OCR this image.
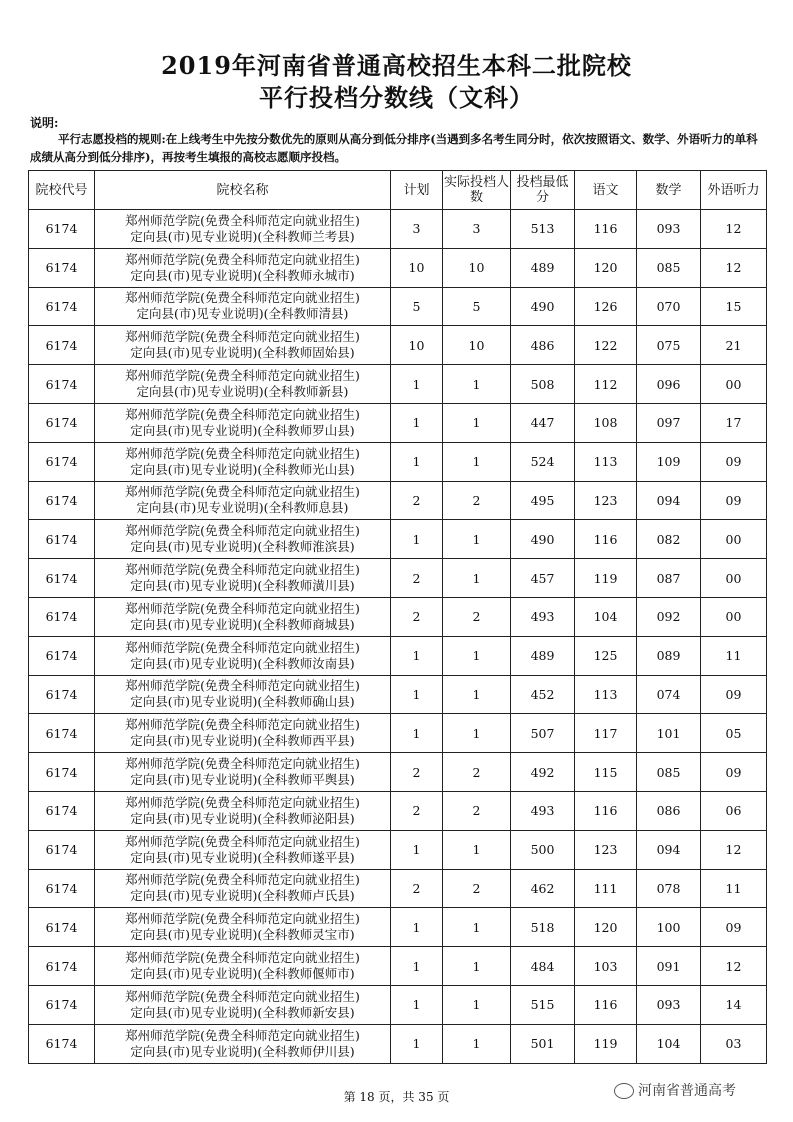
2019年河南省普通高校招生本科二批院校
平行投档分数线（文科）
说明:
平行志愿投档的规则:在上线考生中先按分数优先的原则从高分到低分排序(当遇到多名考生同分时，依次按照语文、数学、外语听力的单科成绩从高分到低分排序)，再按考生填报的高校志愿顺序投档。
院校代号	院校名称	计划	实际投档人数	投档最低分	语文	数学	外语听力
6174	郑州师范学院(免费全科师范定向就业招生)
定向县(市)见专业说明)(全科教师兰考县)	3	3	513	116	093	12
6174	郑州师范学院(免费全科师范定向就业招生)
定向县(市)见专业说明)(全科教师永城市)	10	10	489	120	085	12
6174	郑州师范学院(免费全科师范定向就业招生)
定向县(市)见专业说明)(全科教师清县)	5	5	490	126	070	15
6174	郑州师范学院(免费全科师范定向就业招生)
定向县(市)见专业说明)(全科教师固始县)	10	10	486	122	075	21
6174	郑州师范学院(免费全科师范定向就业招生)
定向县(市)见专业说明)(全科教师新县)	1	1	508	112	096	00
6174	郑州师范学院(免费全科师范定向就业招生)
定向县(市)见专业说明)(全科教师罗山县)	1	1	447	108	097	17
6174	郑州师范学院(免费全科师范定向就业招生)
定向县(市)见专业说明)(全科教师光山县)	1	1	524	113	109	09
6174	郑州师范学院(免费全科师范定向就业招生)
定向县(市)见专业说明)(全科教师息县)	2	2	495	123	094	09
6174	郑州师范学院(免费全科师范定向就业招生)
定向县(市)见专业说明)(全科教师淮滨县)	1	1	490	116	082	00
6174	郑州师范学院(免费全科师范定向就业招生)
定向县(市)见专业说明)(全科教师潢川县)	2	1	457	119	087	00
6174	郑州师范学院(免费全科师范定向就业招生)
定向县(市)见专业说明)(全科教师商城县)	2	2	493	104	092	00
6174	郑州师范学院(免费全科师范定向就业招生)
定向县(市)见专业说明)(全科教师汝南县)	1	1	489	125	089	11
6174	郑州师范学院(免费全科师范定向就业招生)
定向县(市)见专业说明)(全科教师确山县)	1	1	452	113	074	09
6174	郑州师范学院(免费全科师范定向就业招生)
定向县(市)见专业说明)(全科教师西平县)	1	1	507	117	101	05
6174	郑州师范学院(免费全科师范定向就业招生)
定向县(市)见专业说明)(全科教师平舆县)	2	2	492	115	085	09
6174	郑州师范学院(免费全科师范定向就业招生)
定向县(市)见专业说明)(全科教师泌阳县)	2	2	493	116	086	06
6174	郑州师范学院(免费全科师范定向就业招生)
定向县(市)见专业说明)(全科教师遂平县)	1	1	500	123	094	12
6174	郑州师范学院(免费全科师范定向就业招生)
定向县(市)见专业说明)(全科教师卢氏县)	2	2	462	111	078	11
6174	郑州师范学院(免费全科师范定向就业招生)
定向县(市)见专业说明)(全科教师灵宝市)	1	1	518	120	100	09
6174	郑州师范学院(免费全科师范定向就业招生)
定向县(市)见专业说明)(全科教师偃师市)	1	1	484	103	091	12
6174	郑州师范学院(免费全科师范定向就业招生)
定向县(市)见专业说明)(全科教师新安县)	1	1	515	116	093	14
6174	郑州师范学院(免费全科师范定向就业招生)
定向县(市)见专业说明)(全科教师伊川县)	1	1	501	119	104	03
第 18 页，共 35 页	河南省普通高考
